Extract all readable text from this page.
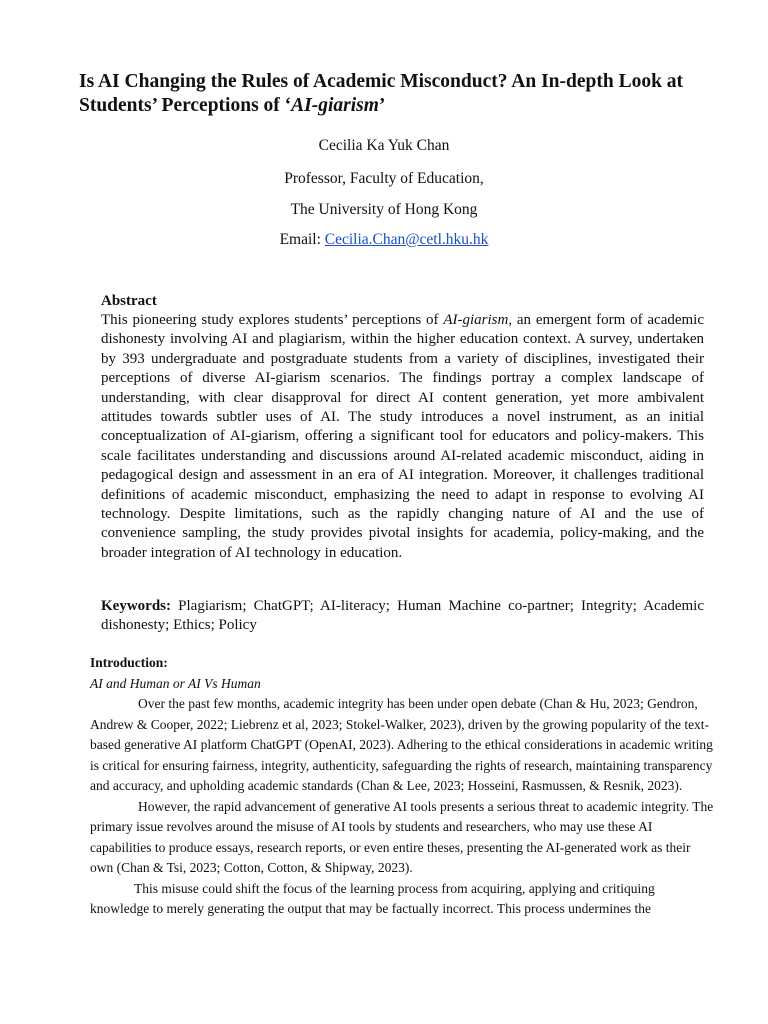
Is AI Changing the Rules of Academic Misconduct? An In-depth Look at Students’ Perceptions of ‘AI-giarism’
Cecilia Ka Yuk Chan
Professor, Faculty of Education,
The University of Hong Kong
Email: Cecilia.Chan@cetl.hku.hk

Abstract

This pioneering study explores students’ perceptions of AI-giarism, an emergent form of academic dishonesty involving AI and plagiarism, within the higher education context. A survey, undertaken by 393 undergraduate and postgraduate students from a variety of disciplines, investigated their perceptions of diverse AI-giarism scenarios. The findings portray a complex landscape of understanding, with clear disapproval for direct AI content generation, yet more ambivalent attitudes towards subtler uses of AI. The study introduces a novel instrument, as an initial conceptualization of AI-giarism, offering a significant tool for educators and policy-makers. This scale facilitates understanding and discussions around AI-related academic misconduct, aiding in pedagogical design and assessment in an era of AI integration. Moreover, it challenges traditional definitions of academic misconduct, emphasizing the need to adapt in response to evolving AI technology. Despite limitations, such as the rapidly changing nature of AI and the use of convenience sampling, the study provides pivotal insights for academia, policy-making, and the broader integration of AI technology in education.

Keywords: Plagiarism; ChatGPT; AI-literacy; Human Machine co-partner; Integrity; Academic dishonesty; Ethics; Policy

Introduction:

AI and Human or AI Vs Human

Over the past few months, academic integrity has been under open debate (Chan & Hu, 2023; Gendron, Andrew & Cooper, 2022; Liebrenz et al, 2023; Stokel-Walker, 2023), driven by the growing popularity of the text-based generative AI platform ChatGPT (OpenAI, 2023). Adhering to the ethical considerations in academic writing is critical for ensuring fairness, integrity, authenticity, safeguarding the rights of research, maintaining transparency and accuracy, and upholding academic standards (Chan & Lee, 2023; Hosseini, Rasmussen, & Resnik, 2023).

However, the rapid advancement of generative AI tools presents a serious threat to academic integrity. The primary issue revolves around the misuse of AI tools by students and researchers, who may use these AI capabilities to produce essays, research reports, or even entire theses, presenting the AI-generated work as their own (Chan & Tsi, 2023; Cotton, Cotton, & Shipway, 2023).

This misuse could shift the focus of the learning process from acquiring, applying and critiquing knowledge to merely generating the output that may be factually incorrect. This process undermines the
